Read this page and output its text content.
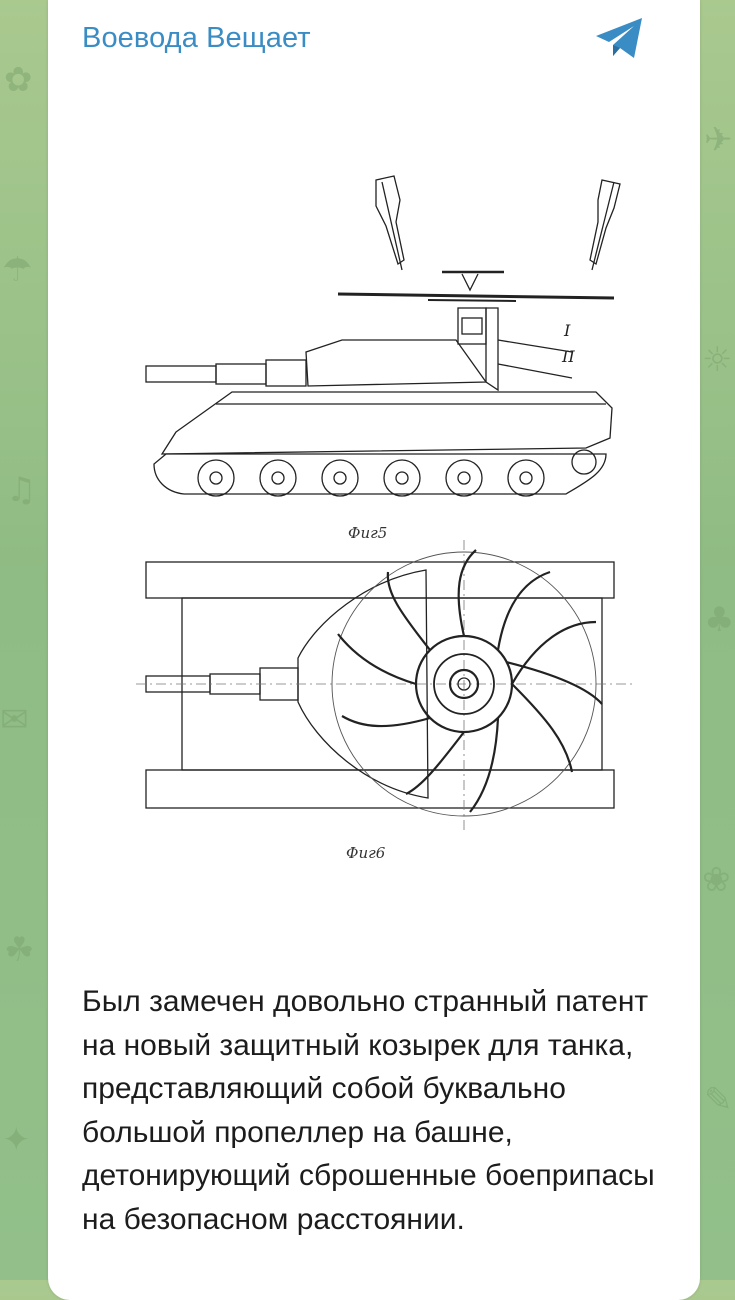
✿
☂
♫
✉
☘
✦
✈
☼
♣
❀
✎
Воевода Вещает
I
II
Фиг5
Фиг6
Был замечен довольно странный патент на новый защитный козырек для танка, представляющий собой буквально большой пропеллер на башне, детонирующий сброшенные боеприпасы на безопасном расстоянии.
